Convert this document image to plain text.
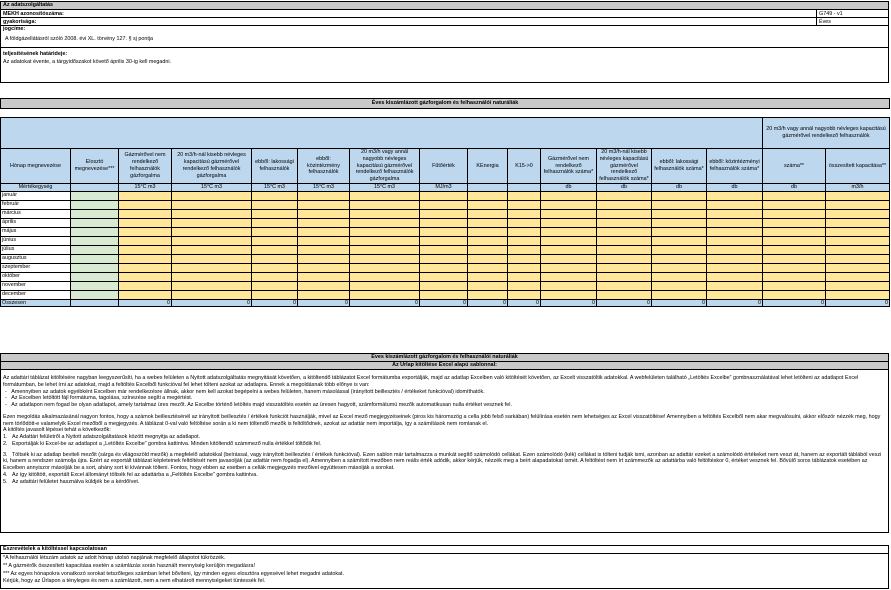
Az adatszolgáltatás
MEKH azonosítószáma:	G749 - v1
gyakorisága:	Éves
jogcíme:
A földgázellátásról szóló 2008. évi XL. törvény 127. § sj pontja
teljesítésének határideje:
Az adatokat évente, a tárgyidőszakot követő április 30-ig kell megadni.
Éves kiszámlázott gázforgalom és felhasználói naturáliák															

														20 m3/h vagy annál nagyobb névleges kapacitású gázmérővel rendelkező felhasználók	
Hónap megnevezése	Elosztó megnevezése***	Gázmérővel nem rendelkező felhasználók gázforgalma	20 m3/h-nál kisebb névleges kapacitású gázmérővel rendelkező felhasználók gázforgalma	ebből: lakossági felhasználók	ebből: közintézmény felhasználók	20 m3/h vagy annál nagyobb névleges kapacitású gázmérővel rendelkező felhasználók gázforgalma	Fűtőérték	KEnergia	K15->0	Gázmérővel nem rendelkező felhasználók száma*	20 m3/h-nál kisebb névleges kapacitású gázmérővel rendelkező felhasználók száma*	ebből: lakossági felhasználók száma*	ebből: közintézményi felhasználók száma*	száma**	összesített kapacitása**
Mértékegység		15°C m3	15°C m3	15°C m3	15°C m3	15°C m3	MJ/m3			db	db	db	db	db	m3/h
január															
február															
március															
április															
május															
június															
július															
augusztus															
szeptember															
október															
november															
december															
Összesen		0	0	0	0	0	0	0	0	0	0	0	0	0	0
Éves kiszámlázott gázforgalom és felhasználói naturáliák
Az Űrlap kitöltése Excel alapú sablonnal:

Az adattári táblázat kitöltésére nagyban leegyszerűsíti, ha a webes felületen a Nyitott adatszolgáltatás megnyitását követően, a kitöltendő táblázatot Excel formátumba exportálják, majd az adatlap Excelben való kitöltését követően, az Excelt visszatöltik adatokkal. A webfelületen található „Letöltés Excelbe” gombnasználatával lehet letölteni az adatlapot Excel formátumban, be lehet írni az adatokat, majd a feltöltés Excelből funkcióval fel lehet tölteni azokat az adatlapra. Ennek a megoldásnak több előnye is van:

-   Amennyiben az adatok egyébként Excelben már rendelkezésre állnak, akkor nem kell azokat begépelni a webes felületen, hanem másolással (irányított beillesztés / értékeket funkcióval) idomíthatók.

-   Az Excelben letöltött fájl formátuma, tagolása, színezése segíti a megértést.

-   Az adatlapon nem fogad be olyan adatlapot, amely tartalmaz üres mezőt. Az Excelbe történő letöltés majd visszatöltés esetén az üresen hagyott, számformátumú mezők automatikusan nulla értéket vesznek fel.

Ezen megoldás alkalmazásánál nagyon fontos, hogy a számok beillesztésénél az irányított beillesztés / értékek funkciót használják, mivel az Excel mező megjegyzéseinek (piros kis háromszög a cella jobb felső sarkában) felülírása esetén nem lehetséges az Excel visszatöltése! Amennyiben a feltöltés Excelből nem akar megvalósulni, akkor először nézzék meg, hogy nem törlődött-e valamelyik Excel mezőből a megjegyzés. A táblázat 0-val való feltöltése során a ki nem töltendő mezők is feltöltődnek, azokat az adattár nem importálja, így a számítások nem romlanak el.

A kitöltés javasolt lépései tehát a következők:

1.   Az Adattári felületről a Nyitott adatszolgáltatások között megnyitja az adatlapot.

2.   Exportálják ki Excel-be az adatlapot a „Letöltés Excelbe” gombra kattintva. Minden kitöltendő számmező nulla értékkel töltődik fel.

3.   Töltsék ki az adatlap beviteli mezőit (sárga és világoszöld mezők) a megfelelő adatokkal (beírással, vagy irányított beillesztés / értékek funkcióval). Ezen sablon már tartalmazza a munkát segítő számolódó cellákat. Ezen számolódó (kék) cellákat is tölteni tudják ismi, azonban az adattár ezeket a számolódó értékeket nem veszi át, hanem az exportált táblából veszi ki, hanem a rendszer számolja újra. Ezért az exportált táblázat képleteinek feltöltését nem javasolják (az adattár nem fogadja el). Amennyiben a számított mezőben nem reális érték adódik, akkor kérjük, nézzék meg a beírt alapadatokat ismét. A feltöltést nem írt számmezők az adattárba való feltöltéskor 0, értéket vesznek fel. Bővülő soros táblázatok esetében az Excelben annyiszor másolják be a sort, ahány sort ki kívánnak tölteni. Fontos, hogy ebben az esetben a cellák megjegyzés mezőivel együttesen másolják a sorokat.

4.   Az így kitöltött, exportált Excel állományt töltsék fel az adattárba a „Feltöltés Excelbe” gombra kattintva.

5.   Az adattári felületet használva küldjék be a kérdőívet.

Észrevételek a kitöltéssel kapcsolatosan

*A felhasználói létszám adatok az adott hónap utolsó napjának megfelelő állapotot tükrözzék.

** A gázmérők összesített kapacitása esetén a számlázás során használt mennyiség kerüljön megadásra!

*** Az egyes hónapokra vonatkozó sorokat tetszőleges számban lehet bővíteni, így minden egyes elosztóra egyesével lehet megadni adatokat.

Kérjük, hogy az Űrlapon a tényleges és nem a számlázott, nem a nem elhatárolt mennyiségeket tüntessék fel.
